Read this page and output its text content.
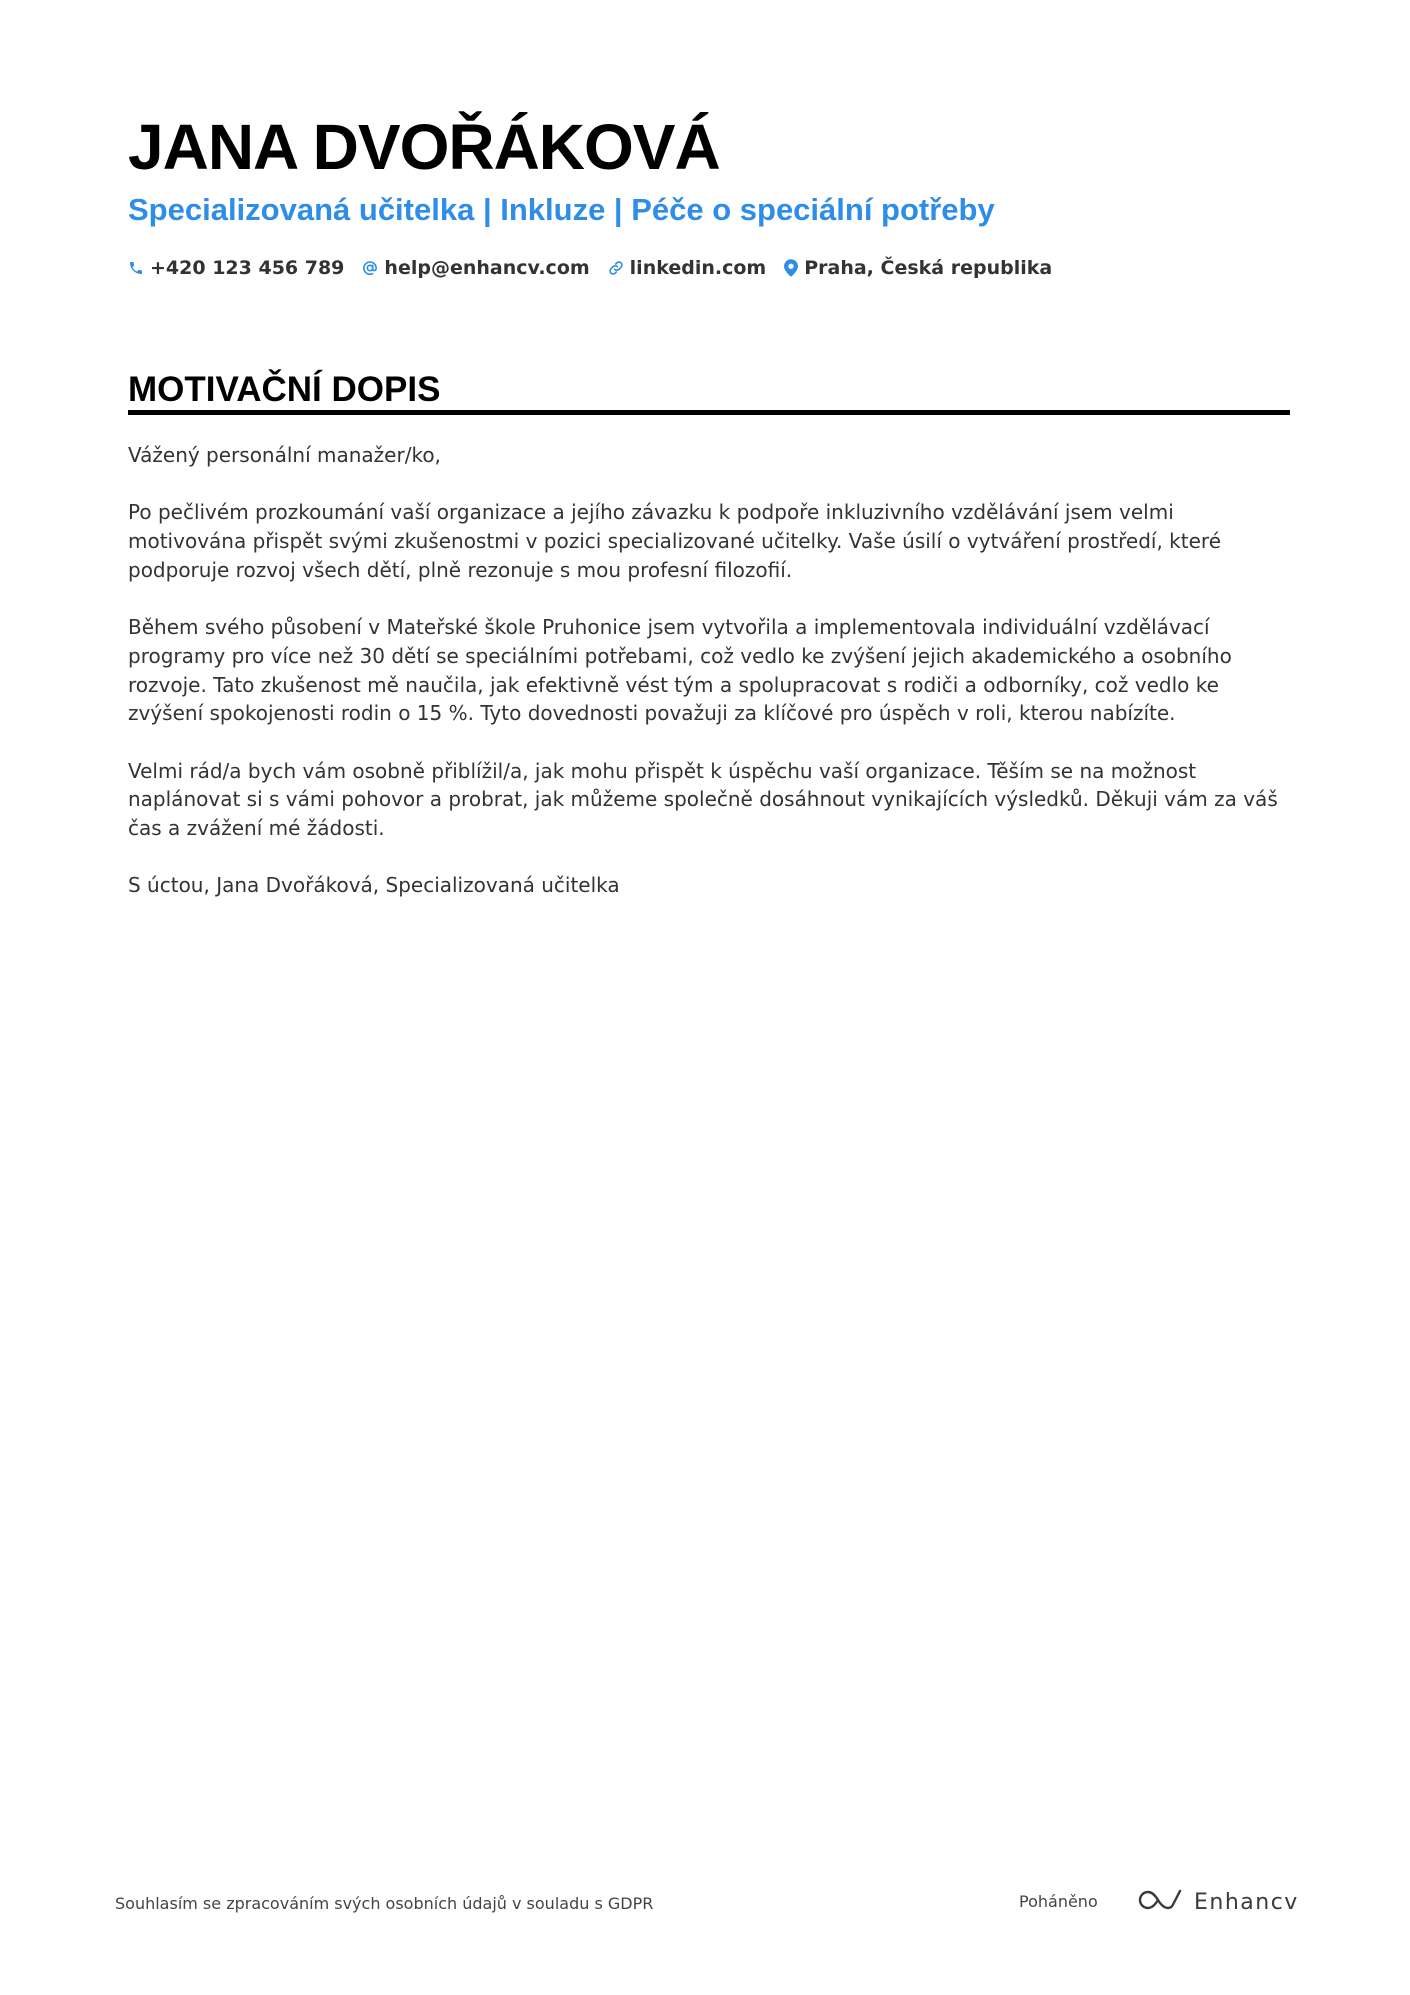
JANA DVOŘÁKOVÁ
Specializovaná učitelka | Inkluze | Péče o speciální potřeby
+420 123 456 789 help@enhancv.com linkedin.com Praha, Česká republika
MOTIVAČNÍ DOPIS

Vážený personální manažer/ko,

Po pečlivém prozkoumání vaší organizace a jejího závazku k podpoře inkluzivního vzdělávání jsem velmi motivována přispět svými zkušenostmi v pozici specializované učitelky. Vaše úsilí o vytváření prostředí, které podporuje rozvoj všech dětí, plně rezonuje s mou profesní filozofií.

Během svého působení v Mateřské škole Pruhonice jsem vytvořila a implementovala individuální vzdělávací programy pro více než 30 dětí se speciálními potřebami, což vedlo ke zvýšení jejich akademického a osobního rozvoje. Tato zkušenost mě naučila, jak efektivně vést tým a spolupracovat s rodiči a odborníky, což vedlo ke zvýšení spokojenosti rodin o 15 %. Tyto dovednosti považuji za klíčové pro úspěch v roli, kterou nabízíte.

Velmi rád/a bych vám osobně přiblížil/a, jak mohu přispět k úspěchu vaší organizace. Těším se na možnost naplánovat si s vámi pohovor a probrat, jak můžeme společně dosáhnout vynikajících výsledků. Děkuji vám za váš čas a zvážení mé žádosti.

S úctou, Jana Dvořáková, Specializovaná učitelka

Souhlasím se zpracováním svých osobních údajů v souladu s GDPR	Poháněno	Enhancv
